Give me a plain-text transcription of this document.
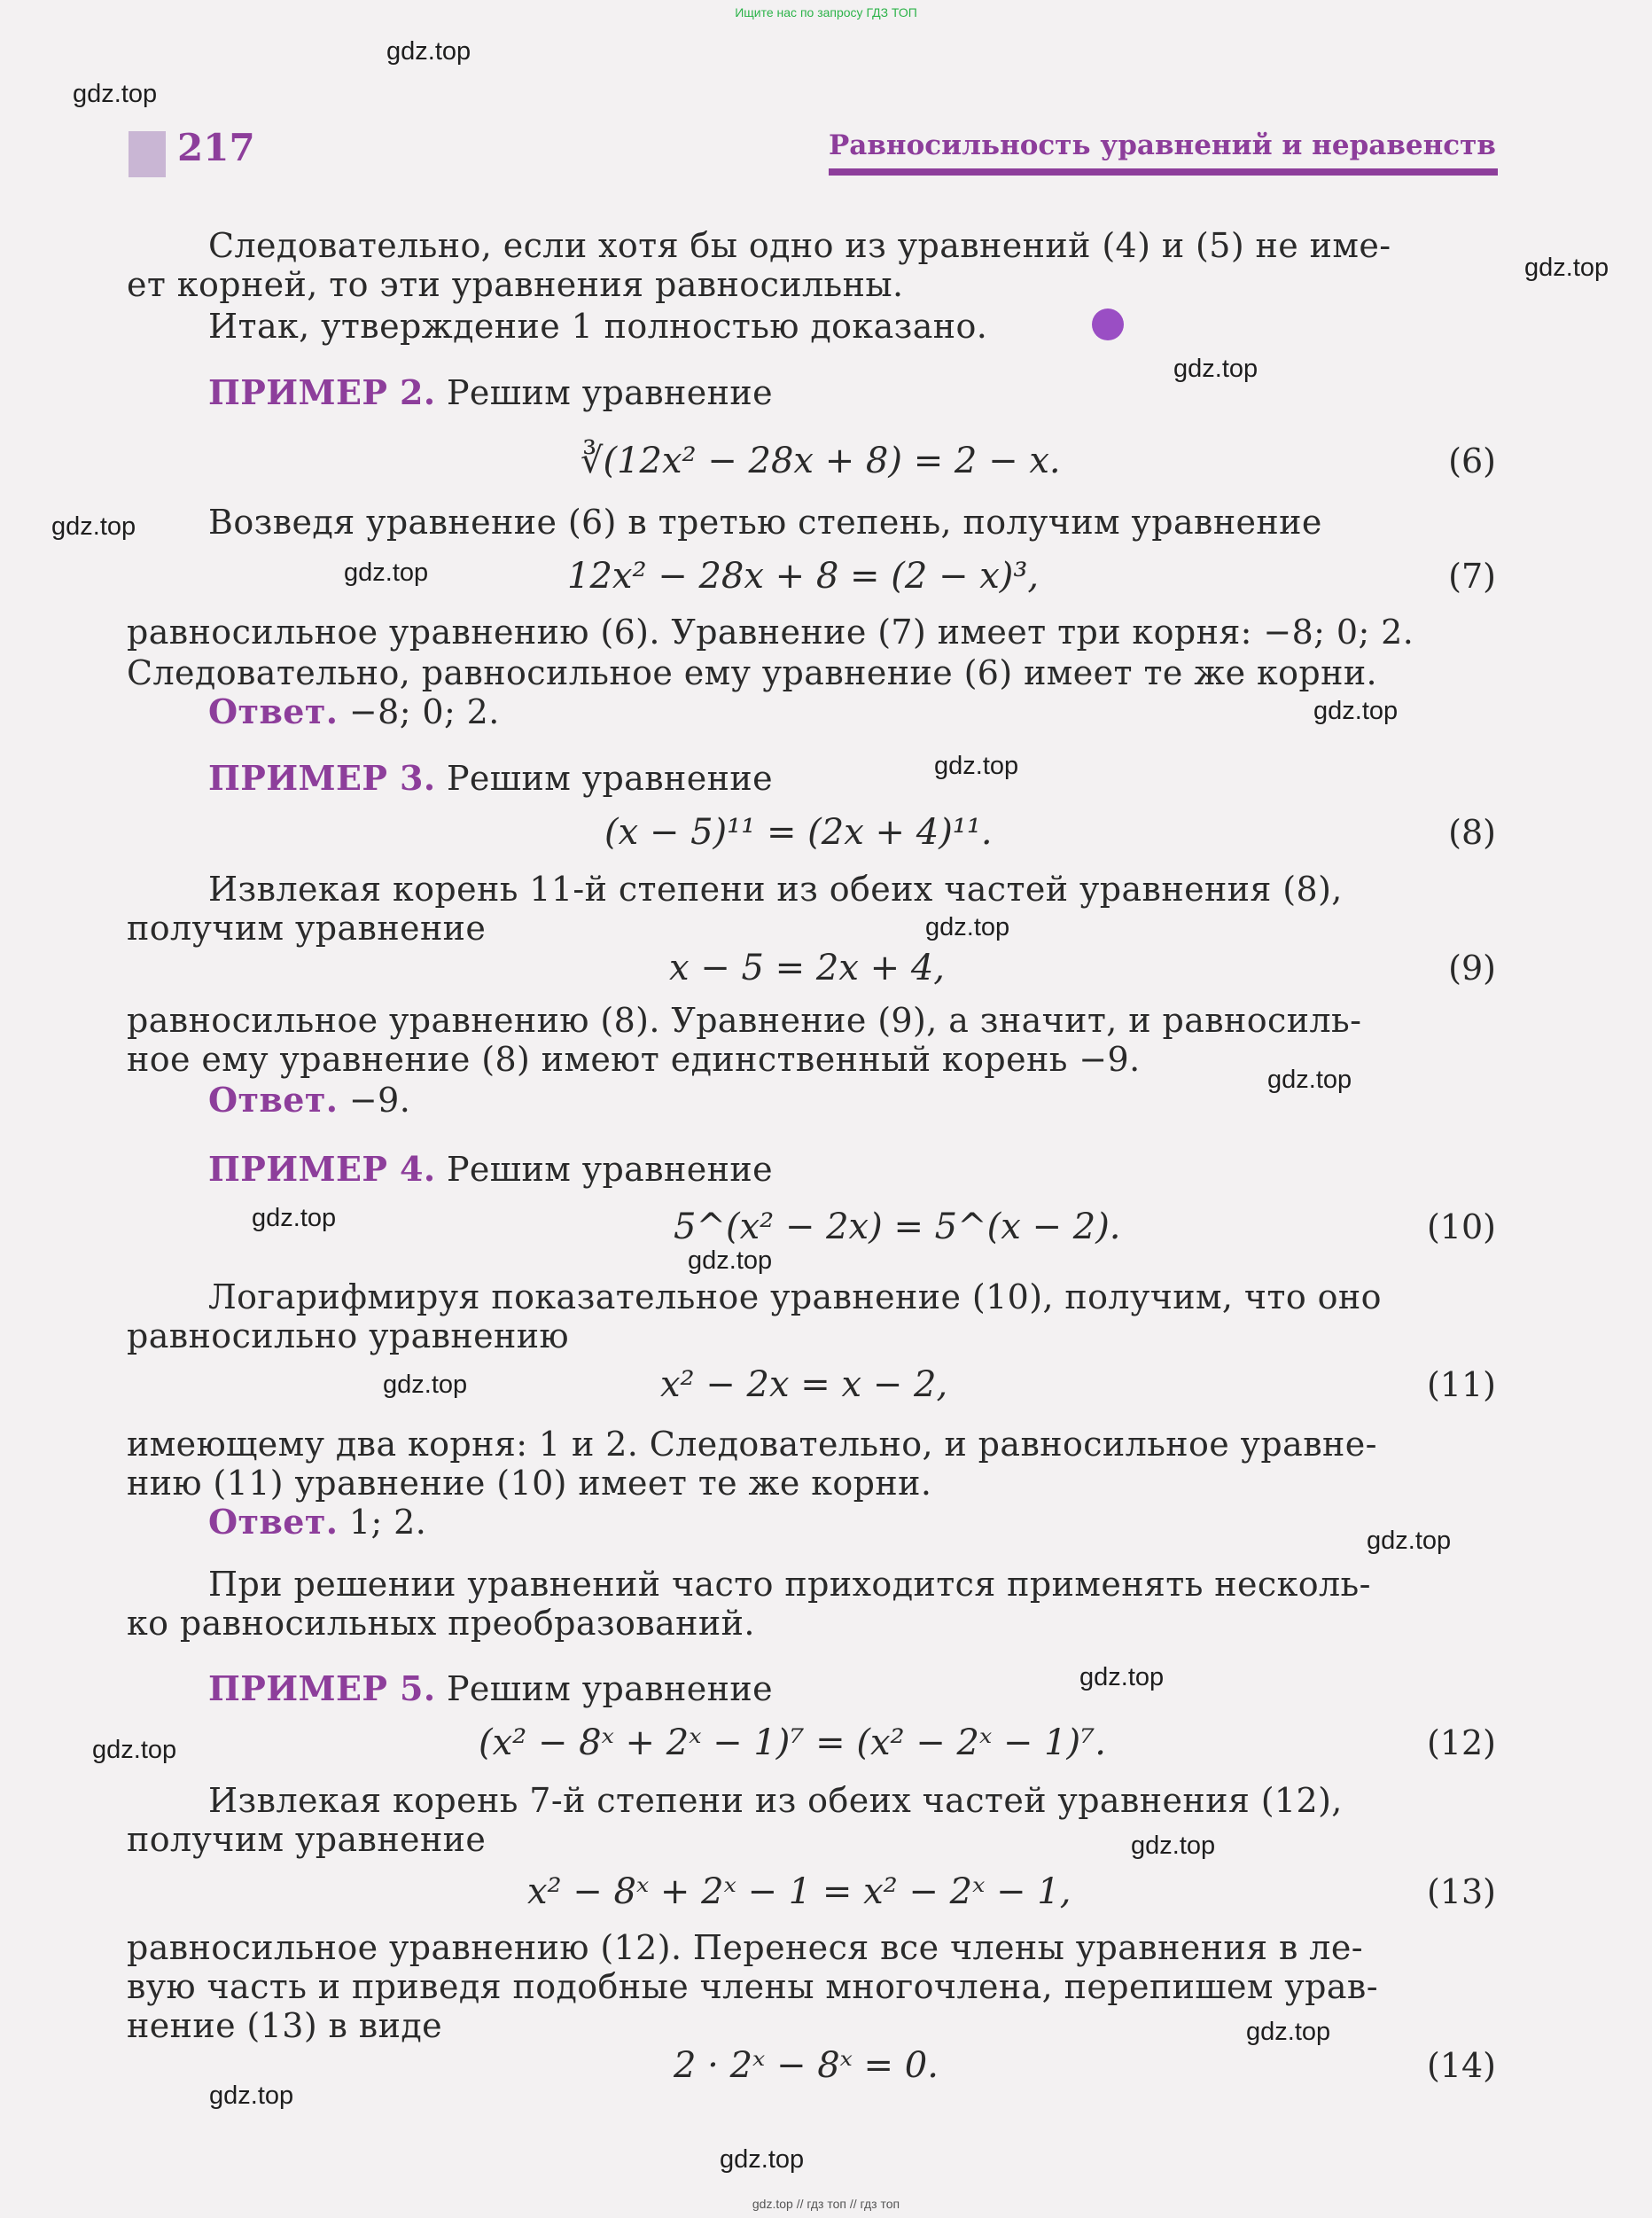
Ищите нас по запросу ГДЗ ТОП
gdz.top // гдз топ // гдз топ
217	Равносильность уравнений и неравенств
Следовательно, если хотя бы одно из уравнений (4) и (5) не име-
ет корней, то эти уравнения равносильны.
Итак, утверждение 1 полностью доказано.
ПРИМЕР 2. Решим уравнение
∛(12x² − 28x + 8) = 2 − x.	(6)
Возведя уравнение (6) в третью степень, получим уравнение
12x² − 28x + 8 = (2 − x)³,	(7)
равносильное уравнению (6). Уравнение (7) имеет три корня: −8; 0; 2.
Следовательно, равносильное ему уравнение (6) имеет те же корни.
Ответ. −8; 0; 2.
ПРИМЕР 3. Решим уравнение
(x − 5)¹¹ = (2x + 4)¹¹.	(8)
Извлекая корень 11-й степени из обеих частей уравнения (8),
получим уравнение
x − 5 = 2x + 4,	(9)
равносильное уравнению (8). Уравнение (9), а значит, и равносиль-
ное ему уравнение (8) имеют единственный корень −9.
Ответ. −9.
ПРИМЕР 4. Решим уравнение
5^(x² − 2x) = 5^(x − 2).	(10)
Логарифмируя показательное уравнение (10), получим, что оно
равносильно уравнению
x² − 2x = x − 2,	(11)
имеющему два корня: 1 и 2. Следовательно, и равносильное уравне-
нию (11) уравнение (10) имеет те же корни.
Ответ. 1; 2.
При решении уравнений часто приходится применять несколь-
ко равносильных преобразований.
ПРИМЕР 5. Решим уравнение
(x² − 8ˣ + 2ˣ − 1)⁷ = (x² − 2ˣ − 1)⁷.	(12)
Извлекая корень 7-й степени из обеих частей уравнения (12),
получим уравнение
x² − 8ˣ + 2ˣ − 1 = x² − 2ˣ − 1,	(13)
равносильное уравнению (12). Перенеся все члены уравнения в ле-
вую часть и приведя подобные члены многочлена, перепишем урав-
нение (13) в виде
2 · 2ˣ − 8ˣ = 0.	(14)
gdz.top
gdz.top
gdz.top
gdz.top
gdz.top
gdz.top
gdz.top
gdz.top
gdz.top
gdz.top
gdz.top
gdz.top
gdz.top
gdz.top
gdz.top
gdz.top
gdz.top
gdz.top
gdz.top
gdz.top
